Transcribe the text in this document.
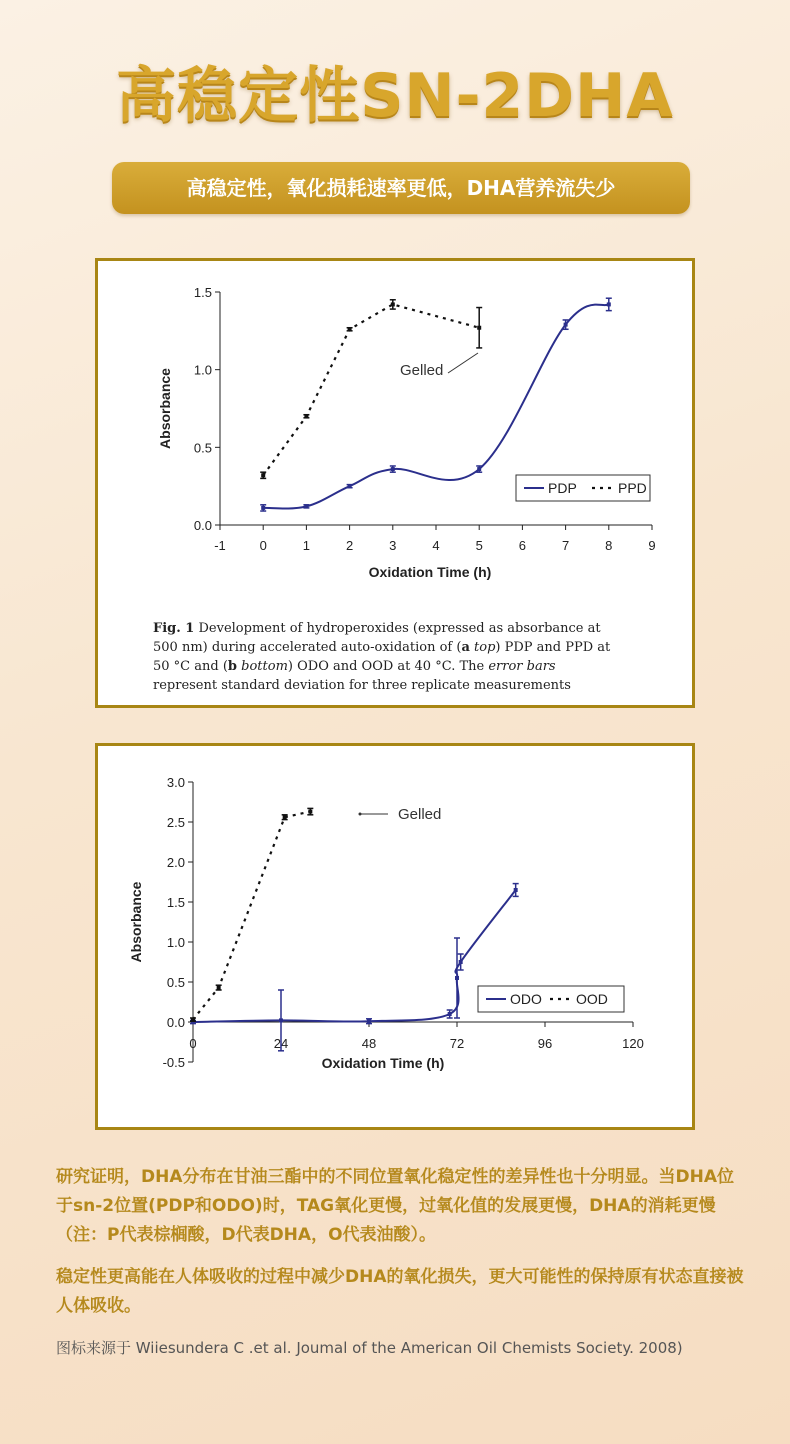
高稳定性SN-2DHA
高稳定性，氧化损耗速率更低，DHA营养流失少
0.0
0.5
1.0
1.5
-1	0	1	2	3	4	5	6	7	8	9
Oxidation Time (h)
Absorbance
PDP	PPD
Gelled
Fig. 1 Development of hydroperoxides (expressed as absorbance at
500 nm) during accelerated auto-oxidation of (a top) PDP and PPD at
50 °C and (b bottom) ODO and OOD at 40 °C. The error bars
represent standard deviation for three replicate measurements
-0.5
0.0
0.5
1.0
1.5
2.0
2.5
3.0
0	24	48	72	96	120
Oxidation Time (h)
Absorbance
ODO OOD
Gelled
研究证明，DHA分布在甘油三酯中的不同位置氧化稳定性的差异性也十分明显。当DHA位于sn-2位置(PDP和ODO)时，TAG氧化更慢，过氧化值的发展更慢，DHA的消耗更慢（注：P代表棕榈酸，D代表DHA，O代表油酸）。
稳定性更高能在人体吸收的过程中减少DHA的氧化损失，更大可能性的保持原有状态直接被人体吸收。
图标来源于 Wiiesundera C .et al. Joumal of the American Oil Chemists Society. 2008)
